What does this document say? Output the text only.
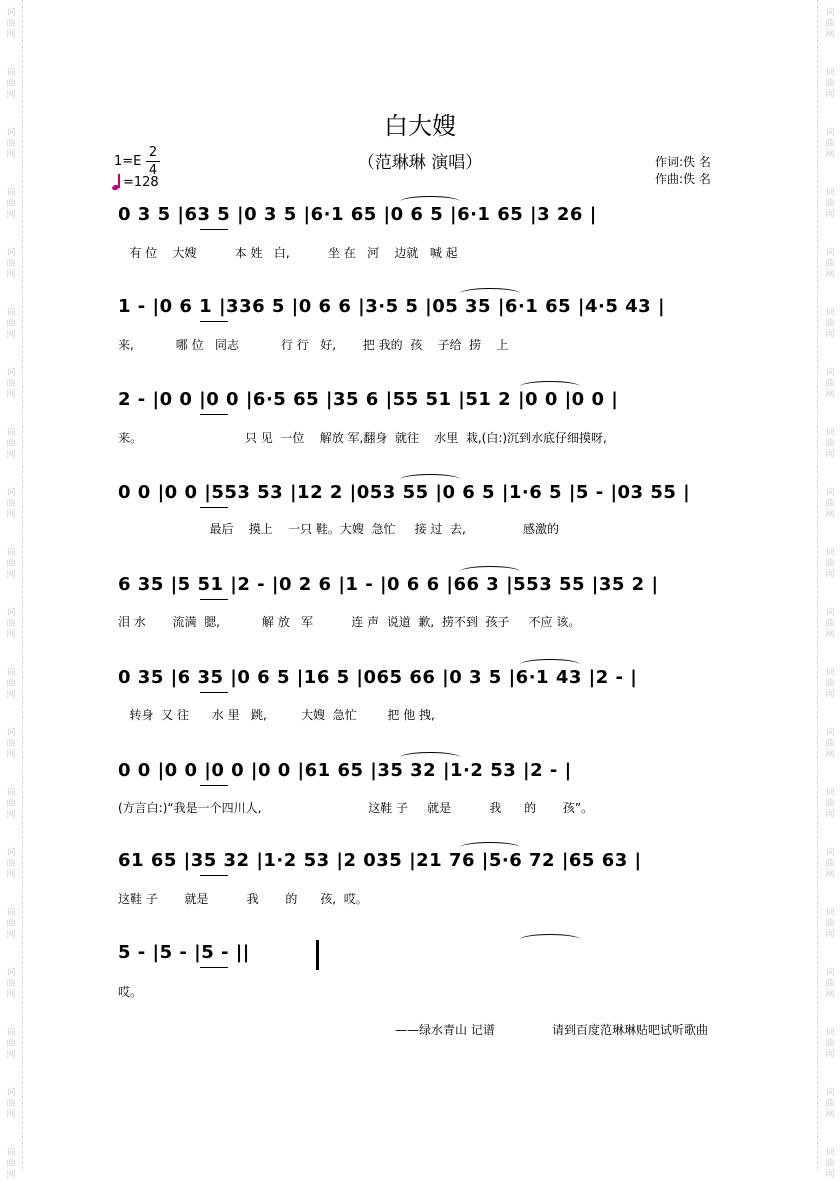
词曲网
词曲网
词曲网
词曲网
词曲网
词曲网
词曲网
词曲网
词曲网
词曲网
词曲网
词曲网
词曲网
词曲网
词曲网
词曲网
词曲网
词曲网
词曲网
词曲网
词曲网
词曲网
词曲网
词曲网
词曲网
词曲网
词曲网
词曲网
词曲网
词曲网
词曲网
词曲网
词曲网
词曲网
词曲网
词曲网
词曲网
词曲网
词曲网
词曲网
白大嫂
（范琳琳 演唱）
1=E
2
4
=128
作词:佚 名
作曲:佚 名
0 3 5 |63 5 |0 3 5 |6·1 65 |0 6 5 |6·1 65 |3 26 |
有 位    大嫂          本 姓   白,          坐 在   河    边就   喊 起
1 - |0 6 1 |336 5 |0 6 6 |3·5 5 |05 35 |6·1 65 |4·5 43 |
来,           哪 位   同志           行 行   好,       把 我的  孩    子给  捞    上
2 - |0 0 |0 0 |6·5 65 |35 6 |55 51 |51 2 |0 0 |0 0 |
来。                           只 见  一位    解放 军,翻身  就往    水里  栽,(白:)沉到水底仔细摸呀,
0 0 |0 0 |553 53 |12 2 |053 55 |0 6 5 |1·6 5 |5 - |03 55 |
最后    摸上    一只 鞋。大嫂  急忙     接 过  去,               感激的
6 35 |5 51 |2 - |0 2 6 |1 - |0 6 6 |66 3 |553 55 |35 2 |
泪 水       流满  腮,           解 放   军          连 声  说道  歉,  捞不到  孩子     不应 该。
0 35 |6 35 |0 6 5 |16 5 |065 66 |0 3 5 |6·1 43 |2 - |
转身  又 往      水 里   跳,         大嫂  急忙        把 他 拽,
0 0 |0 0 |0 0 |0 0 |61 65 |35 32 |1·2 53 |2 - |
(方言白:)“我是一个四川人,                            这鞋 子     就是          我      的       孩”。
61 65 |35 32 |1·2 53 |2 035 |21 76 |5·6 72 |65 63 |
这鞋 子       就是          我       的      孩,  哎。
5 - |5 - |5 - ||
哎。
——绿水青山 记谱	请到百度范琳琳贴吧试听歌曲
